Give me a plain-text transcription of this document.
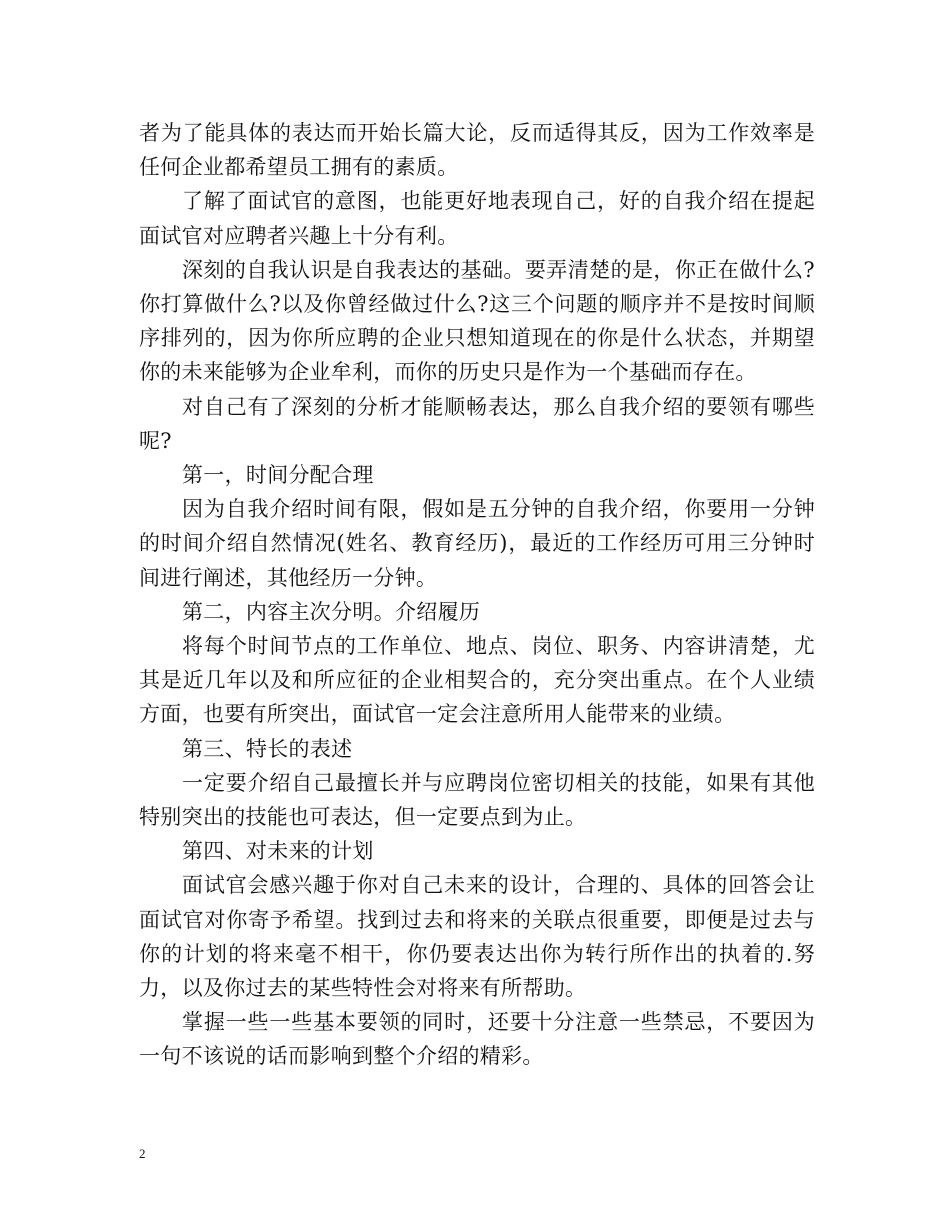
者为了能具体的表达而开始长篇大论，反而适得其反，因为工作效率是任何企业都希望员工拥有的素质。

了解了面试官的意图，也能更好地表现自己，好的自我介绍在提起面试官对应聘者兴趣上十分有利。

深刻的自我认识是自我表达的基础。要弄清楚的是，你正在做什么?你打算做什么?以及你曾经做过什么?这三个问题的顺序并不是按时间顺序排列的，因为你所应聘的企业只想知道现在的你是什么状态，并期望你的未来能够为企业牟利，而你的历史只是作为一个基础而存在。

对自己有了深刻的分析才能顺畅表达，那么自我介绍的要领有哪些呢?

第一，时间分配合理

因为自我介绍时间有限，假如是五分钟的自我介绍，你要用一分钟的时间介绍自然情况(姓名、教育经历)，最近的工作经历可用三分钟时间进行阐述，其他经历一分钟。

第二，内容主次分明。介绍履历

将每个时间节点的工作单位、地点、岗位、职务、内容讲清楚，尤其是近几年以及和所应征的企业相契合的，充分突出重点。在个人业绩方面，也要有所突出，面试官一定会注意所用人能带来的业绩。

第三、特长的表述

一定要介绍自己最擅长并与应聘岗位密切相关的技能，如果有其他特别突出的技能也可表达，但一定要点到为止。

第四、对未来的计划

面试官会感兴趣于你对自己未来的设计，合理的、具体的回答会让面试官对你寄予希望。找到过去和将来的关联点很重要，即便是过去与你的计划的将来毫不相干，你仍要表达出你为转行所作出的执着的.努力，以及你过去的某些特性会对将来有所帮助。

掌握一些一些基本要领的同时，还要十分注意一些禁忌，不要因为一句不该说的话而影响到整个介绍的精彩。

2
